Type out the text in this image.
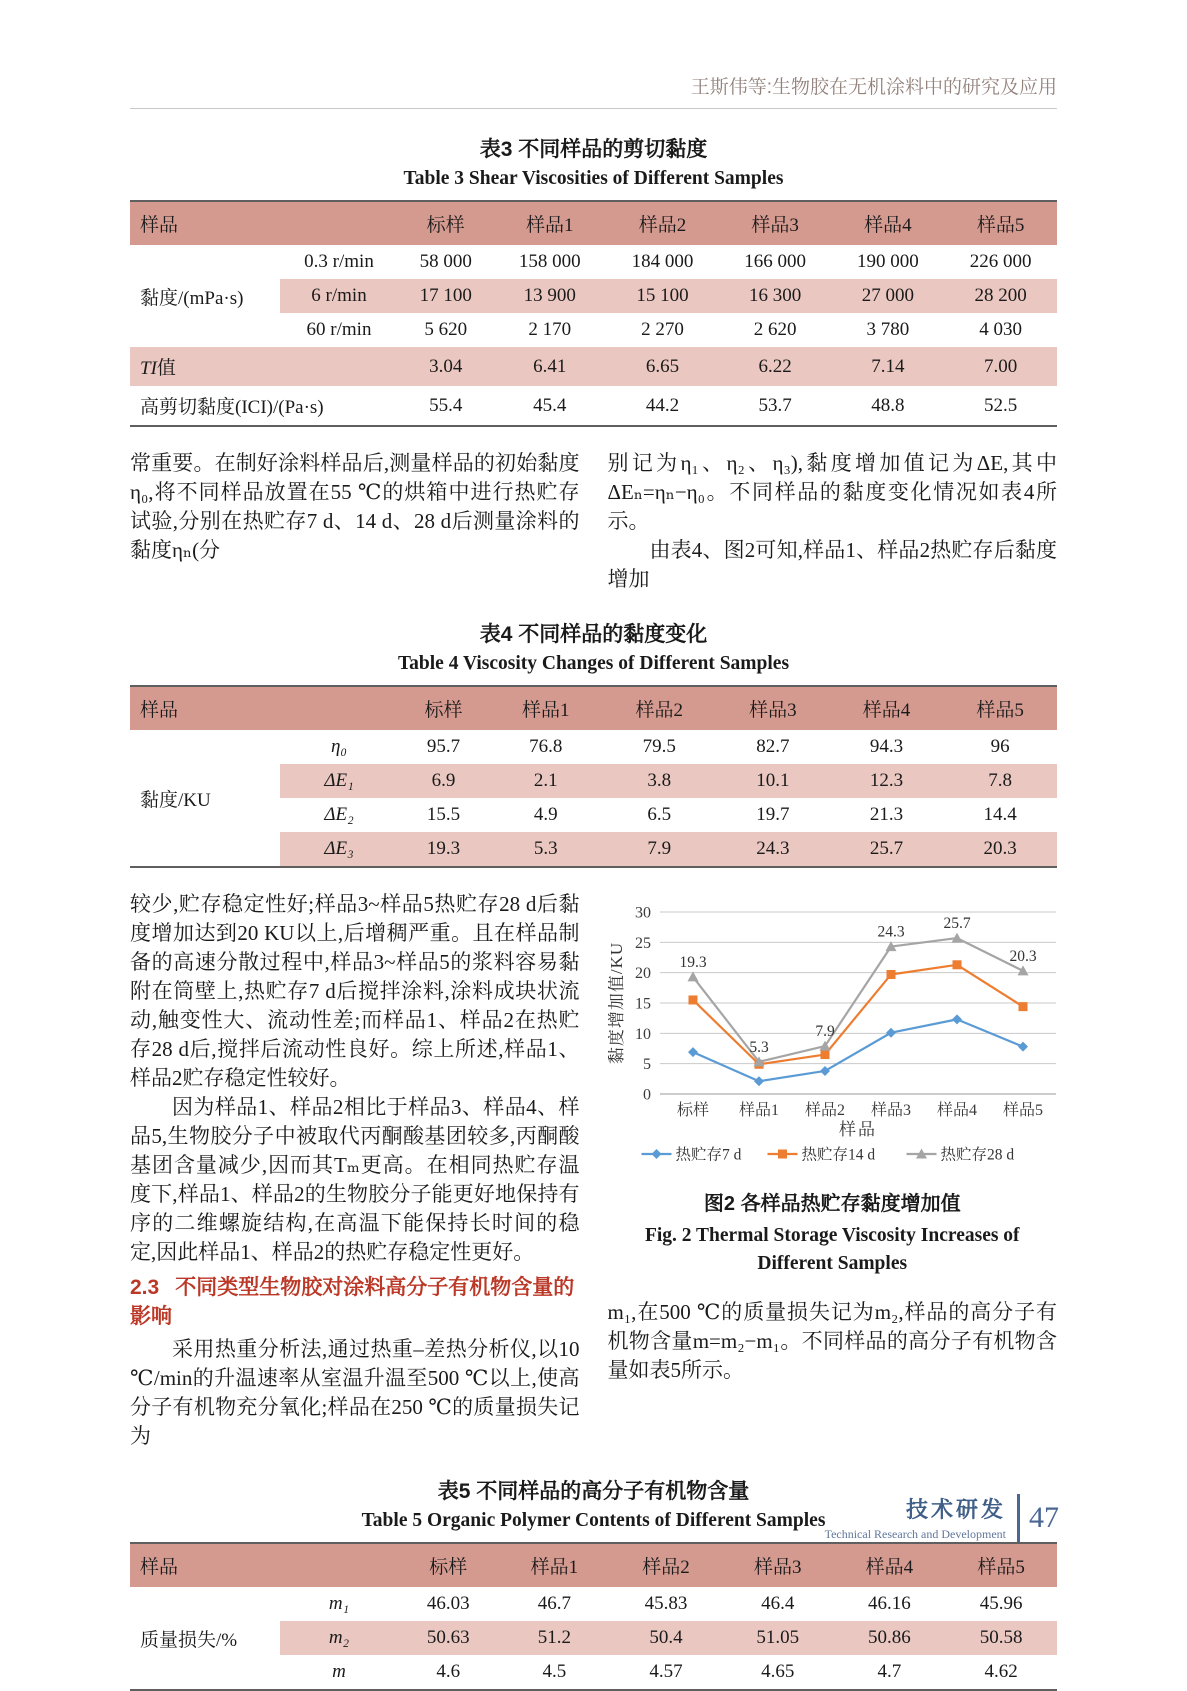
王斯伟等:生物胶在无机涂料中的研究及应用
表3 不同样品的剪切黏度
Table 3 Shear Viscosities of Different Samples
样品		标样	样品1	样品2	样品3	样品4	样品5
黏度/(mPa·s)	0.3 r/min	58 000	158 000	184 000	166 000	190 000	226 000
	6 r/min	17 100	13 900	15 100	16 300	27 000	28 200
	60 r/min	5 620	2 170	2 270	2 620	3 780	4 030
TI值		3.04	6.41	6.65	6.22	7.14	7.00
高剪切黏度(ICI)/(Pa·s)		55.4	45.4	44.2	53.7	48.8	52.5

常重要。在制好涂料样品后,测量样品的初始黏度η₀,将不同样品放置在55 ℃的烘箱中进行热贮存试验,分别在热贮存7 d、14 d、28 d后测量涂料的黏度ηₙ(分

别记为η₁、η₂、η₃),黏度增加值记为ΔE,其中ΔEₙ=ηₙ−η₀。不同样品的黏度变化情况如表4所示。

由表4、图2可知,样品1、样品2热贮存后黏度增加

表4 不同样品的黏度变化
Table 4 Viscosity Changes of Different Samples
样品		标样	样品1	样品2	样品3	样品4	样品5
黏度/KU	η₀	95.7	76.8	79.5	82.7	94.3	96
	ΔE₁	6.9	2.1	3.8	10.1	12.3	7.8
	ΔE₂	15.5	4.9	6.5	19.7	21.3	14.4
	ΔE₃	19.3	5.3	7.9	24.3	25.7	20.3

较少,贮存稳定性好;样品3~样品5热贮存28 d后黏度增加达到20 KU以上,后增稠严重。且在样品制备的高速分散过程中,样品3~样品5的浆料容易黏附在筒壁上,热贮存7 d后搅拌涂料,涂料成块状流动,触变性大、流动性差;而样品1、样品2在热贮存28 d后,搅拌后流动性良好。综上所述,样品1、样品2贮存稳定性较好。

因为样品1、样品2相比于样品3、样品4、样品5,生物胶分子中被取代丙酮酸基团较多,丙酮酸基团含量减少,因而其Tₘ更高。在相同热贮存温度下,样品1、样品2的生物胶分子能更好地保持有序的二维螺旋结构,在高温下能保持长时间的稳定,因此样品1、样品2的热贮存稳定性更好。

2.3 不同类型生物胶对涂料高分子有机物含量的影响

采用热重分析法,通过热重–差热分析仪,以10 ℃/min的升温速率从室温升温至500 ℃以上,使高分子有机物充分氧化;样品在250 ℃的质量损失记为

0
5
10
15
20
25
30
标样 样品1 样品2 样品3 样品4 样品5
黏度增加值/KU
样品
19.3
5.3
7.9
24.3	25.7
20.3
热贮存7 d	热贮存14 d	热贮存28 d
图2 各样品热贮存黏度增加值
Fig. 2 Thermal Storage Viscosity Increases of Different Samples

m₁,在500 ℃的质量损失记为m₂,样品的高分子有机物含量m=m₂−m₁。不同样品的高分子有机物含量如表5所示。

表5 不同样品的高分子有机物含量
Table 5 Organic Polymer Contents of Different Samples
样品		标样	样品1	样品2	样品3	样品4	样品5
质量损失/%	m₁	46.03	46.7	45.83	46.4	46.16	45.96
	m₂	50.63	51.2	50.4	51.05	50.86	50.58
	m	4.6	4.5	4.57	4.65	4.7	4.62
技术研发
Technical Research and Development
47
